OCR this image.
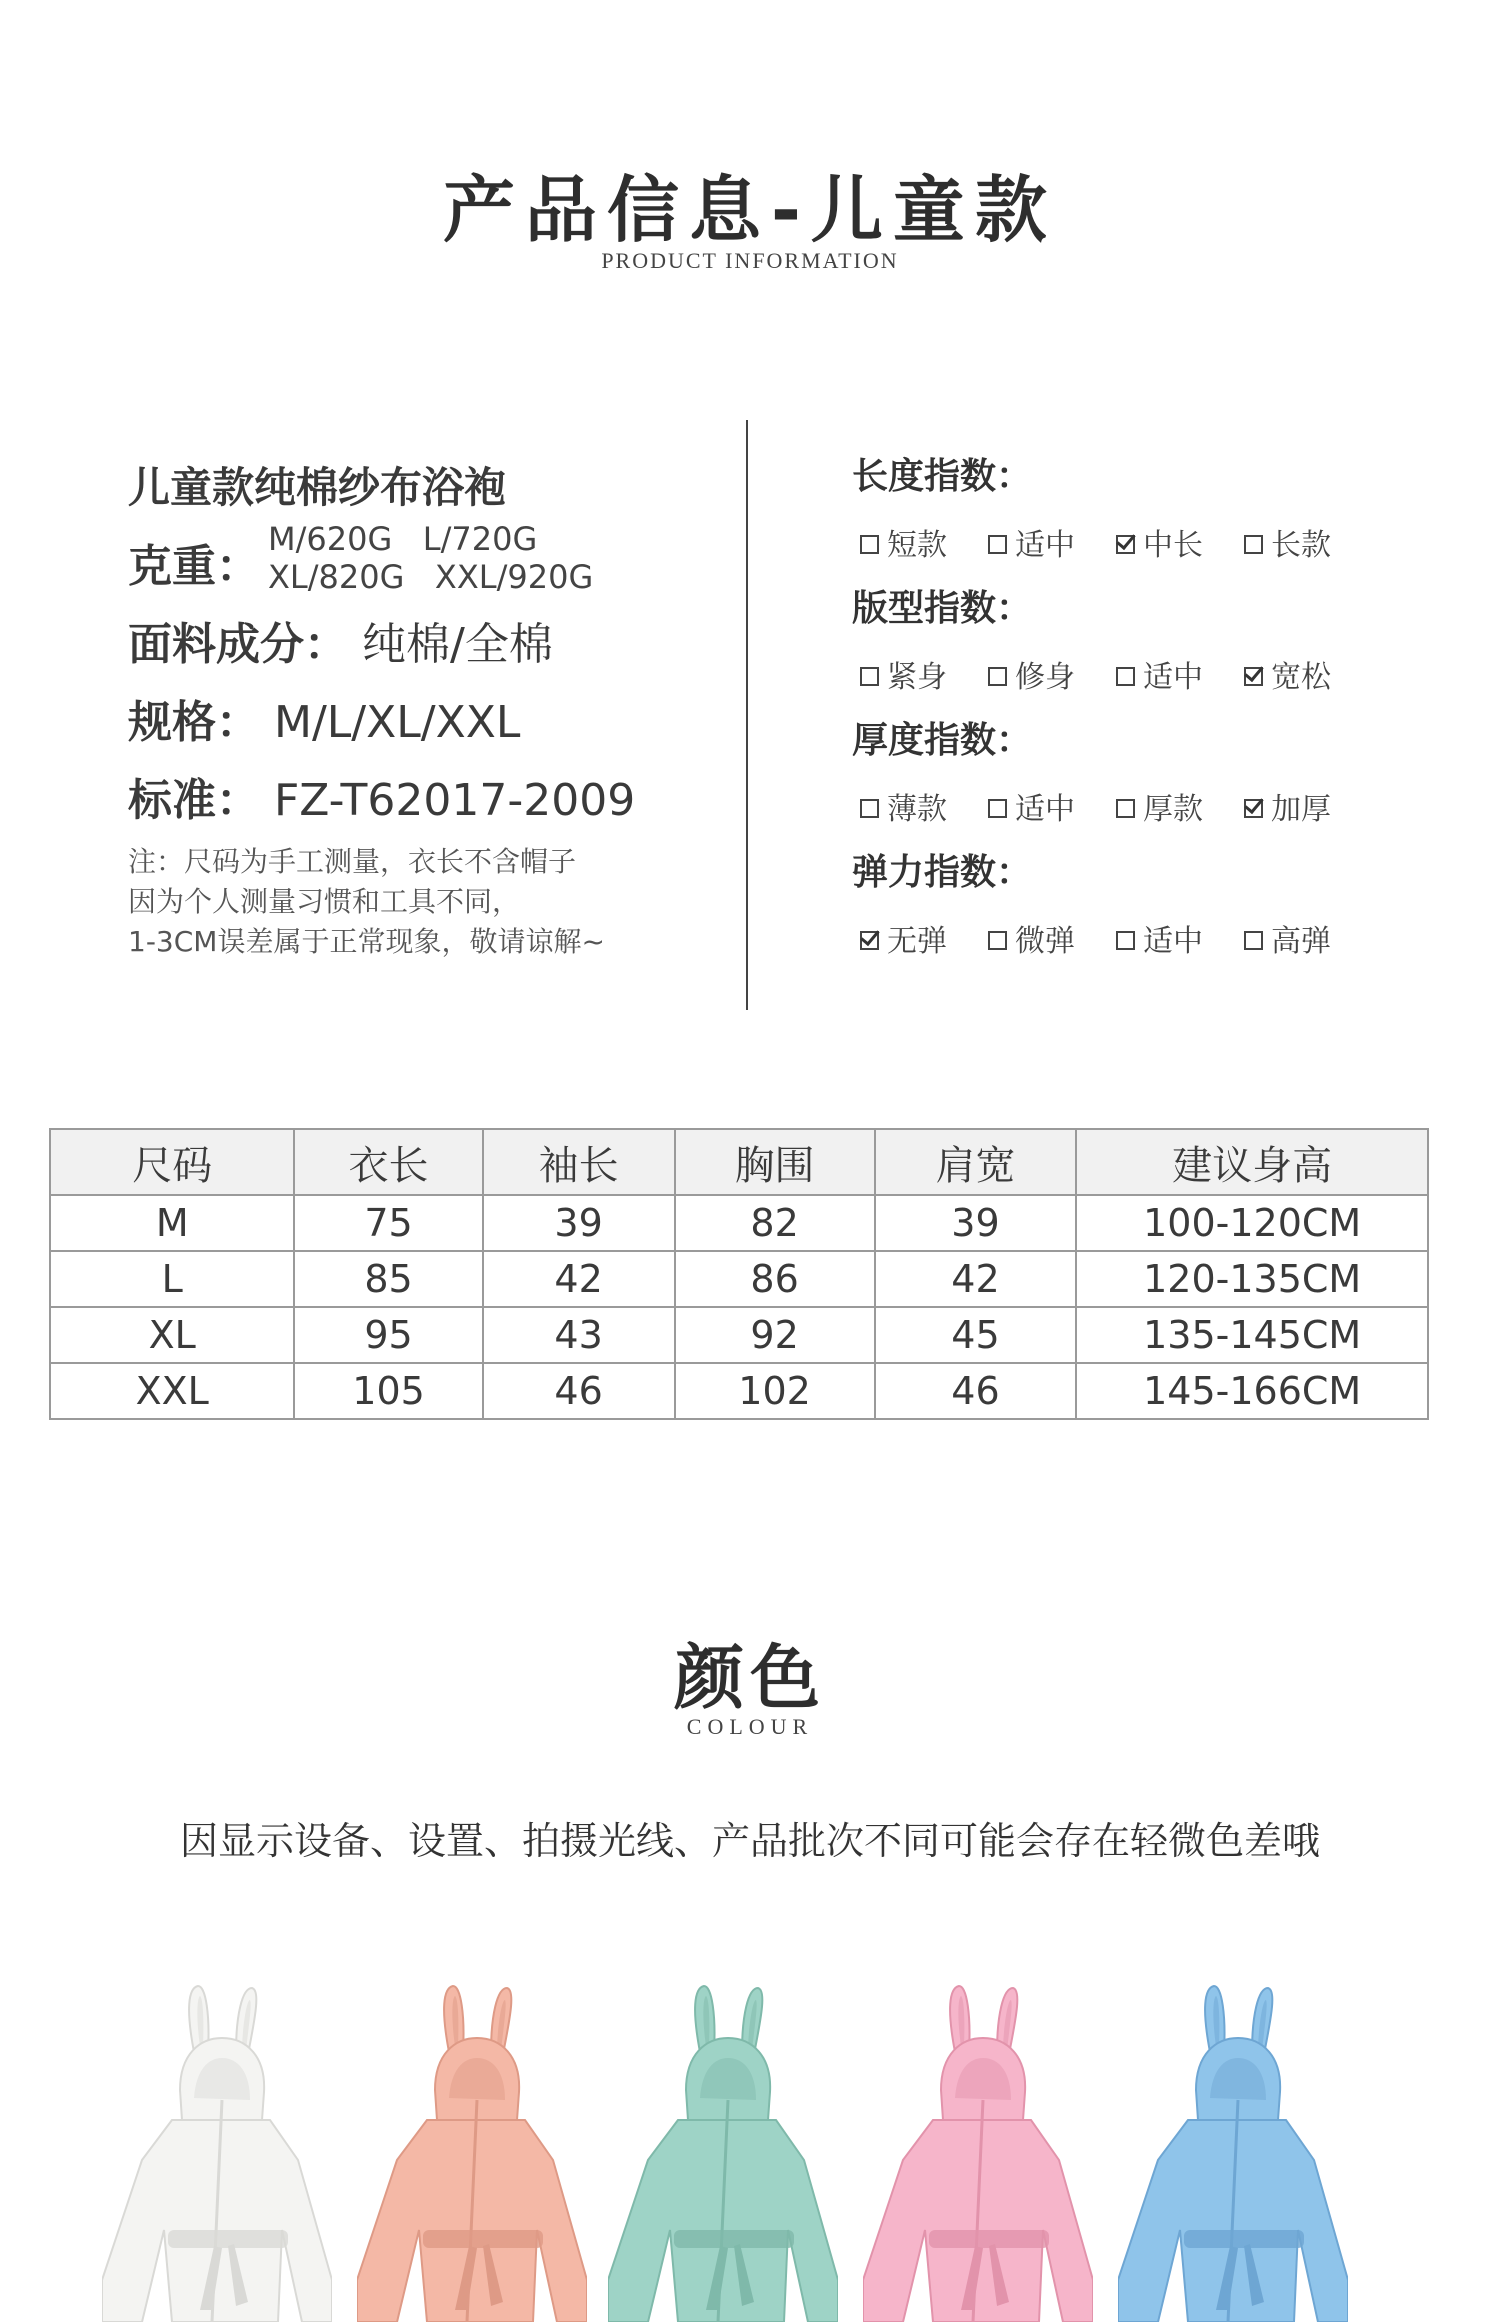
产品信息-儿童款
PRODUCT INFORMATION
儿童款纯棉纱布浴袍
克重：
M/620G   L/720G
XL/820G   XXL/920G
面料成分： 纯棉/全棉
规格： M/L/XL/XXL
标准： FZ-T62017-2009
注：尺码为手工测量，衣长不含帽子
因为个人测量习惯和工具不同，
1-3CM误差属于正常现象，敬请谅解~
长度指数：
短款	适中	中长	长款
版型指数：
紧身	修身	适中	宽松
厚度指数：
薄款	适中	厚款	加厚
弹力指数：
无弹	微弹	适中	高弹
尺码	衣长	袖长	胸围	肩宽	建议身高
M	75	39	82	39	100-120CM
L	85	42	86	42	120-135CM
XL	95	43	92	45	135-145CM
XXL	105	46	102	46	145-166CM
颜色
COLOUR
因显示设备、设置、拍摄光线、产品批次不同可能会存在轻微色差哦
